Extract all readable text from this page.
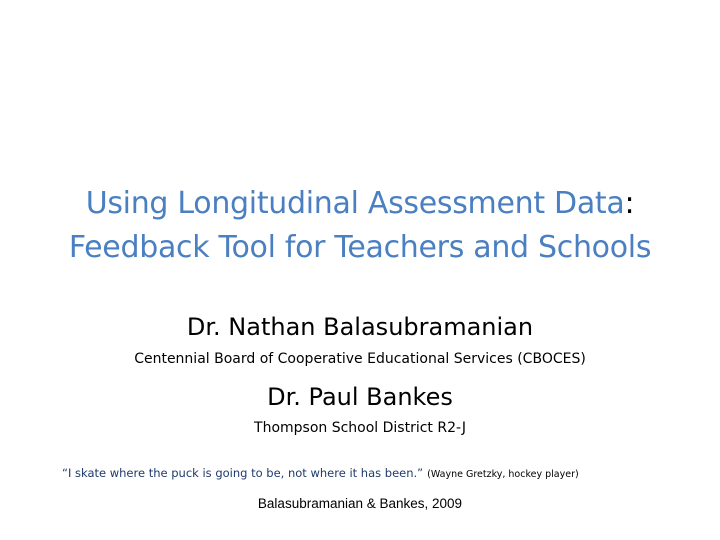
Using Longitudinal Assessment Data:
Feedback Tool for Teachers and Schools
Dr. Nathan Balasubramanian
Centennial Board of Cooperative Educational Services (CBOCES)
Dr. Paul Bankes
Thompson School District R2-J
“I skate where the puck is going to be, not where it has been.” (Wayne Gretzky, hockey player)
Balasubramanian & Bankes, 2009
